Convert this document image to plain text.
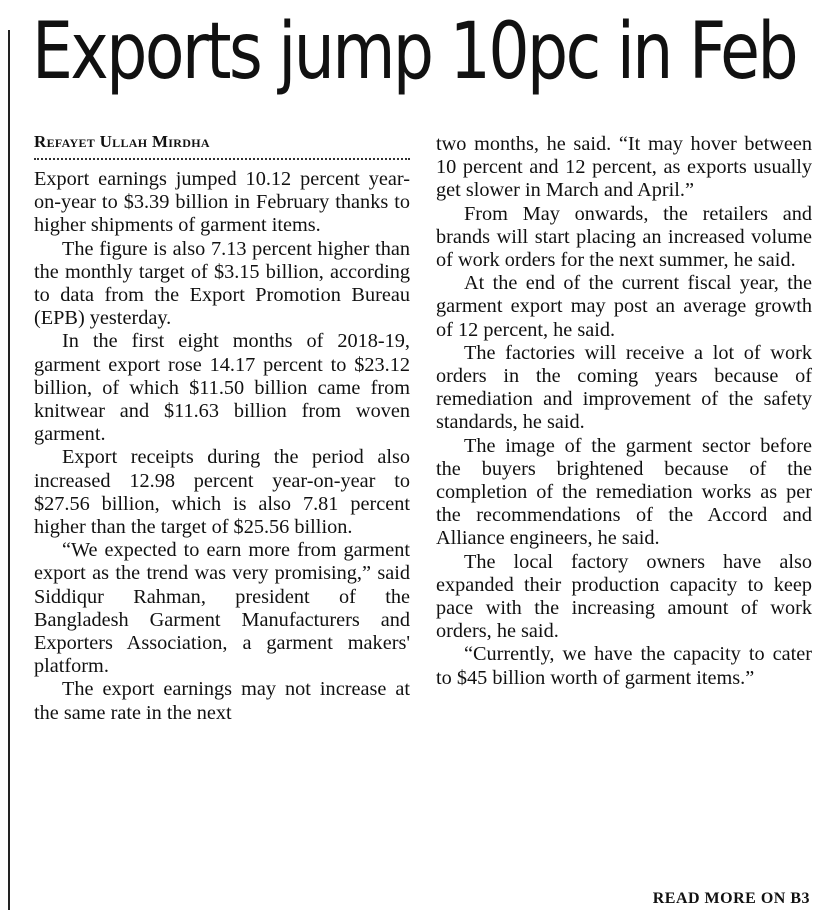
Exports jump 10pc in Feb
Refayet Ullah Mirdha

Export earnings jumped 10.12 percent year-on-year to $3.39 billion in February thanks to higher shipments of garment items.

The figure is also 7.13 percent higher than the monthly target of $3.15 billion, according to data from the Export Promotion Bureau (EPB) yesterday.

In the first eight months of 2018-19, garment export rose 14.17 percent to $23.12 billion, of which $11.50 billion came from knitwear and $11.63 billion from woven garment.

Export receipts during the period also increased 12.98 percent year-on-year to $27.56 billion, which is also 7.81 percent higher than the target of $25.56 billion.

“We expected to earn more from garment export as the trend was very promising,” said Siddiqur Rahman, president of the Bangladesh Garment Manufacturers and Exporters Association, a garment makers' platform.

The export earnings may not increase at the same rate in the next

two months, he said. “It may hover between 10 percent and 12 percent, as exports usually get slower in March and April.”

From May onwards, the retailers and brands will start placing an increased volume of work orders for the next summer, he said.

At the end of the current fiscal year, the garment export may post an average growth of 12 percent, he said.

The factories will receive a lot of work orders in the coming years because of remediation and improvement of the safety standards, he said.

The image of the garment sector before the buyers brightened because of the completion of the remediation works as per the recommendations of the Accord and Alliance engineers, he said.

The local factory owners have also expanded their production capacity to keep pace with the increasing amount of work orders, he said.

“Currently, we have the capacity to cater to $45 billion worth of garment items.”

READ MORE ON B3
